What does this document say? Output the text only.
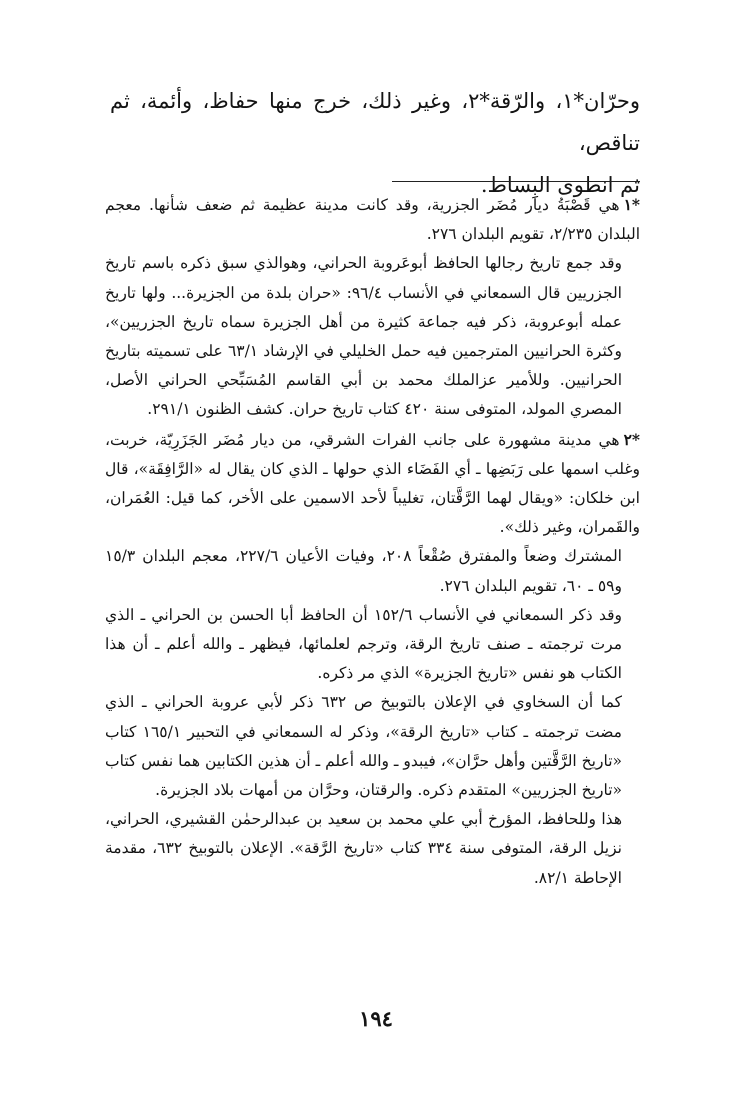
وحرّان*١، والرّقة*٢، وغير ذلك، خرج منها حفاظ، وأئمة، ثم تناقص،

ثم انطوى البِساط.

*١هي قَصْبَةُ ديار مُضَر الجزرية، وقد كانت مدينة عظيمة ثم ضعف شأنها. معجم البلدان ٢/٢٣٥، تقويم البلدان ٢٧٦.

وقد جمع تاريخ رجالها الحافظ أبوعَروبة الحراني، وهوالذي سبق ذكره باسم تاريخ الجزريين قال السمعاني في الأنساب ٩٦/٤: «حران بلدة من الجزيرة... ولها تاريخ عمله أبوعروبة، ذكر فيه جماعة كثيرة من أهل الجزيرة سماه تاريخ الجزريين»، وكثرة الحرانيين المترجمين فيه حمل الخليلي في الإرشاد ٦٣/١ على تسميته بتاريخ الحرانيين. وللأمير عزالملك محمد بن أبي القاسم المُسَبِّحي الحراني الأصل، المصري المولد، المتوفى سنة ٤٢٠ كتاب تاريخ حران. كشف الظنون ٢٩١/١.

*٢هي مدينة مشهورة على جانب الفرات الشرقي، من ديار مُضَر الجَزَرِيّة، خربت، وغلب اسمها على رَبَضِها ـ أي الفَضَاء الذي حولها ـ الذي كان يقال له «الرَّافِقَة»، قال ابن خلكان: «ويقال لهما الرَّقَّتان، تغليباً لأحد الاسمين على الأخر، كما قيل: العُمَران، والقَمران، وغير ذلك».

المشترك وضعاً والمفترق صُقْعاً ٢٠٨، وفيات الأعيان ٢٢٧/٦، معجم البلدان ١٥/٣ و٥٩ ـ ٦٠، تقويم البلدان ٢٧٦.

وقد ذكر السمعاني في الأنساب ١٥٢/٦ أن الحافظ أبا الحسن بن الحراني ـ الذي مرت ترجمته ـ صنف تاريخ الرقة، وترجم لعلمائها، فيظهر ـ والله أعلم ـ أن هذا الكتاب هو نفس «تاريخ الجزيرة» الذي مر ذكره.

كما أن السخاوي في الإعلان بالتوبيخ ص ٦٣٢ ذكر لأبي عروبة الحراني ـ الذي مضت ترجمته ـ كتاب «تاريخ الرقة»، وذكر له السمعاني في التحبير ١٦٥/١ كتاب «تاريخ الرَّقَّتين وأهل حرَّان»، فيبدو ـ والله أعلم ـ أن هذين الكتابين هما نفس كتاب «تاريخ الجزريين» المتقدم ذكره. والرقتان، وحرَّان من أمهات بلاد الجزيرة.

هذا وللحافظ، المؤرخ أبي علي محمد بن سعيد بن عبدالرحمٰن القشيري، الحراني، نزيل الرقة، المتوفى سنة ٣٣٤ كتاب «تاريخ الرَّقة». الإعلان بالتوبيخ ٦٣٢، مقدمة الإحاطة ٨٢/١.

١٩٤
